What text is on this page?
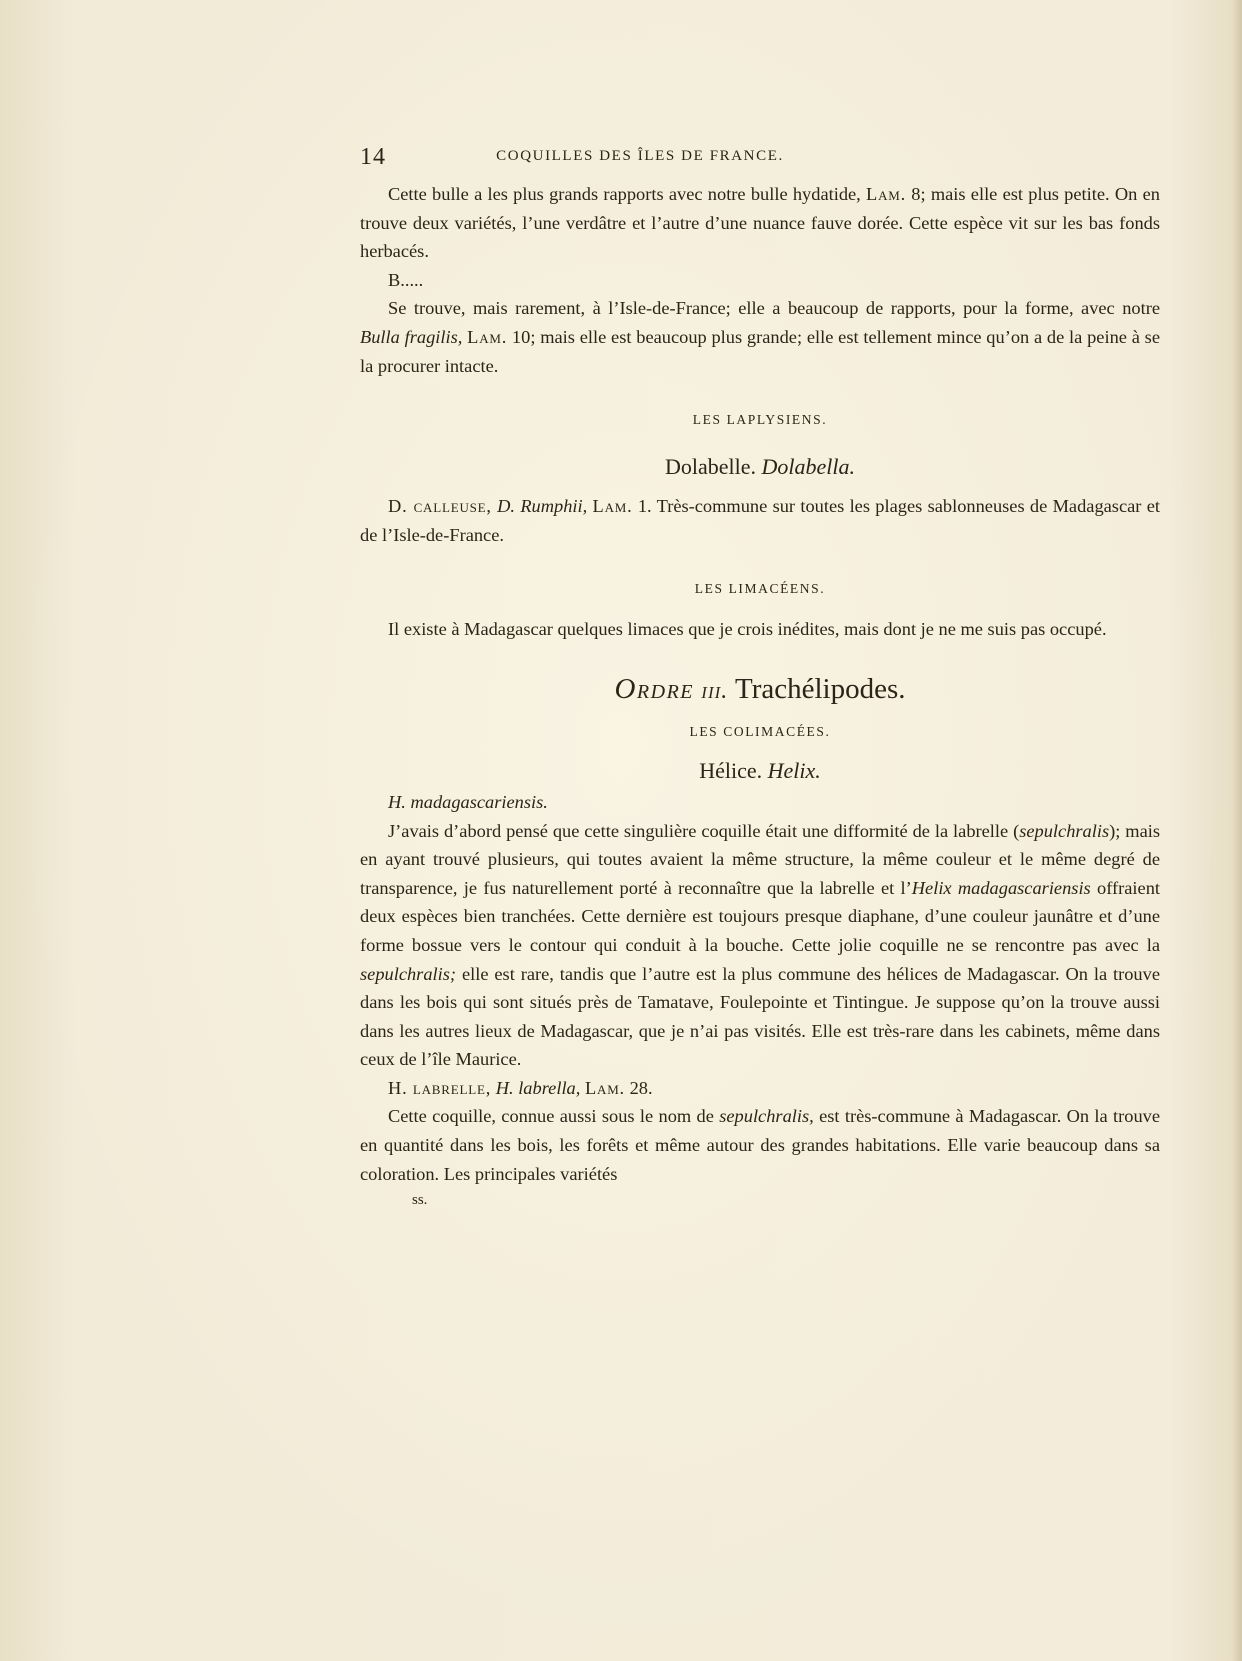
14	COQUILLES DES ÎLES DE FRANCE.

Cette bulle a les plus grands rapports avec notre bulle hydatide, Lam. 8; mais elle est plus petite. On en trouve deux variétés, l’une verdâtre et l’autre d’une nuance fauve dorée. Cette espèce vit sur les bas fonds herbacés.

B.....

Se trouve, mais rarement, à l’Isle-de-France; elle a beaucoup de rapports, pour la forme, avec notre Bulla fragilis, Lam. 10; mais elle est beaucoup plus grande; elle est tellement mince qu’on a de la peine à se la procurer intacte.

LES LAPLYSIENS.
Dolabelle. Dolabella.

D. calleuse, D. Rumphii, Lam. 1. Très-commune sur toutes les plages sablonneuses de Madagascar et de l’Isle-de-France.

LES LIMACÉENS.

Il existe à Madagascar quelques limaces que je crois inédites, mais dont je ne me suis pas occupé.

Ordre iii. Trachélipodes.
LES COLIMACÉES.
Hélice. Helix.

H. madagascariensis.

J’avais d’abord pensé que cette singulière coquille était une difformité de la labrelle (sepulchralis); mais en ayant trouvé plusieurs, qui toutes avaient la même structure, la même couleur et le même degré de transparence, je fus naturellement porté à reconnaître que la labrelle et l’Helix madagascariensis offraient deux espèces bien tranchées. Cette dernière est toujours presque diaphane, d’une couleur jaunâtre et d’une forme bossue vers le contour qui conduit à la bouche. Cette jolie coquille ne se rencontre pas avec la sepulchralis; elle est rare, tandis que l’autre est la plus commune des hélices de Madagascar. On la trouve dans les bois qui sont situés près de Tamatave, Foulepointe et Tintingue. Je suppose qu’on la trouve aussi dans les autres lieux de Madagascar, que je n’ai pas visités. Elle est très-rare dans les cabinets, même dans ceux de l’île Maurice.

H. labrelle, H. labrella, Lam. 28.

Cette coquille, connue aussi sous le nom de sepulchralis, est très-commune à Madagascar. On la trouve en quantité dans les bois, les forêts et même autour des grandes habitations. Elle varie beaucoup dans sa coloration. Les principales variétés

ss.
